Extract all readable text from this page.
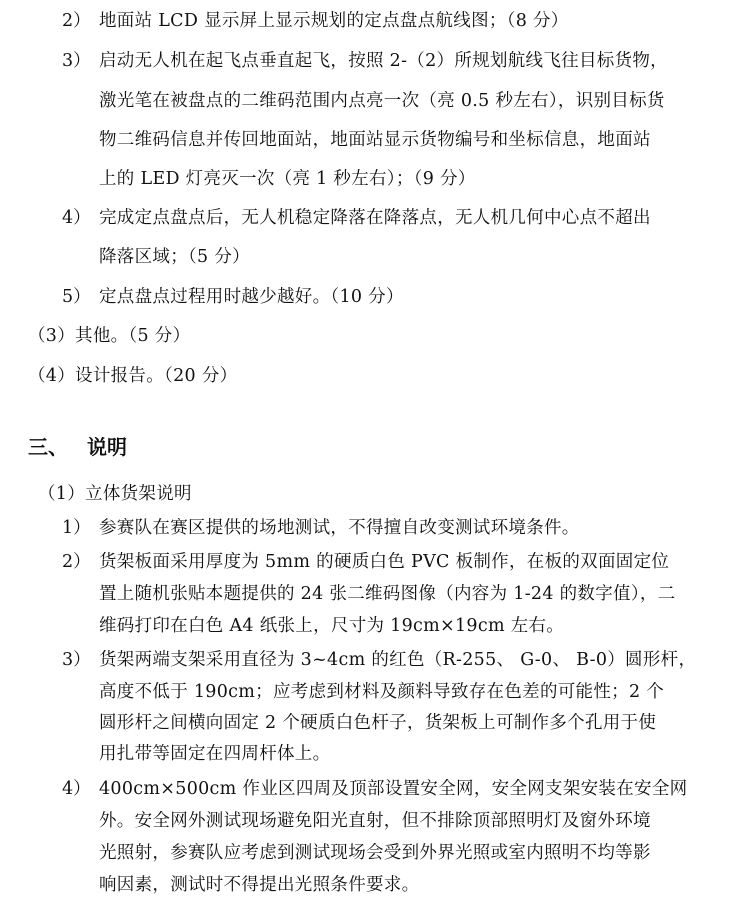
2） 地面站 LCD 显示屏上显示规划的定点盘点航线图；（8 分）
3） 启动无人机在起飞点垂直起飞，按照 2-（2）所规划航线飞往目标货物，
激光笔在被盘点的二维码范围内点亮一次（亮 0.5 秒左右），识别目标货
物二维码信息并传回地面站，地面站显示货物编号和坐标信息，地面站
上的 LED 灯亮灭一次（亮 1 秒左右）；（9 分）
4） 完成定点盘点后，无人机稳定降落在降落点，无人机几何中心点不超出
降落区域；（5 分）
5） 定点盘点过程用时越少越好。（10 分）
（3）其他。（5 分）
（4）设计报告。（20 分）
三、 说明
（1）立体货架说明
1） 参赛队在赛区提供的场地测试，不得擅自改变测试环境条件。
2） 货架板面采用厚度为 5mm 的硬质白色 PVC 板制作，在板的双面固定位
置上随机张贴本题提供的 24 张二维码图像（内容为 1-24 的数字值），二
维码打印在白色 A4 纸张上，尺寸为 19cm×19cm 左右。
3） 货架两端支架采用直径为 3~4cm 的红色（R-255、 G-0、 B-0）圆形杆，
高度不低于 190cm；应考虑到材料及颜料导致存在色差的可能性；2 个
圆形杆之间横向固定 2 个硬质白色杆子，货架板上可制作多个孔用于使
用扎带等固定在四周杆体上。
4） 400cm×500cm 作业区四周及顶部设置安全网，安全网支架安装在安全网
外。安全网外测试现场避免阳光直射，但不排除顶部照明灯及窗外环境
光照射，参赛队应考虑到测试现场会受到外界光照或室内照明不均等影
响因素，测试时不得提出光照条件要求。
